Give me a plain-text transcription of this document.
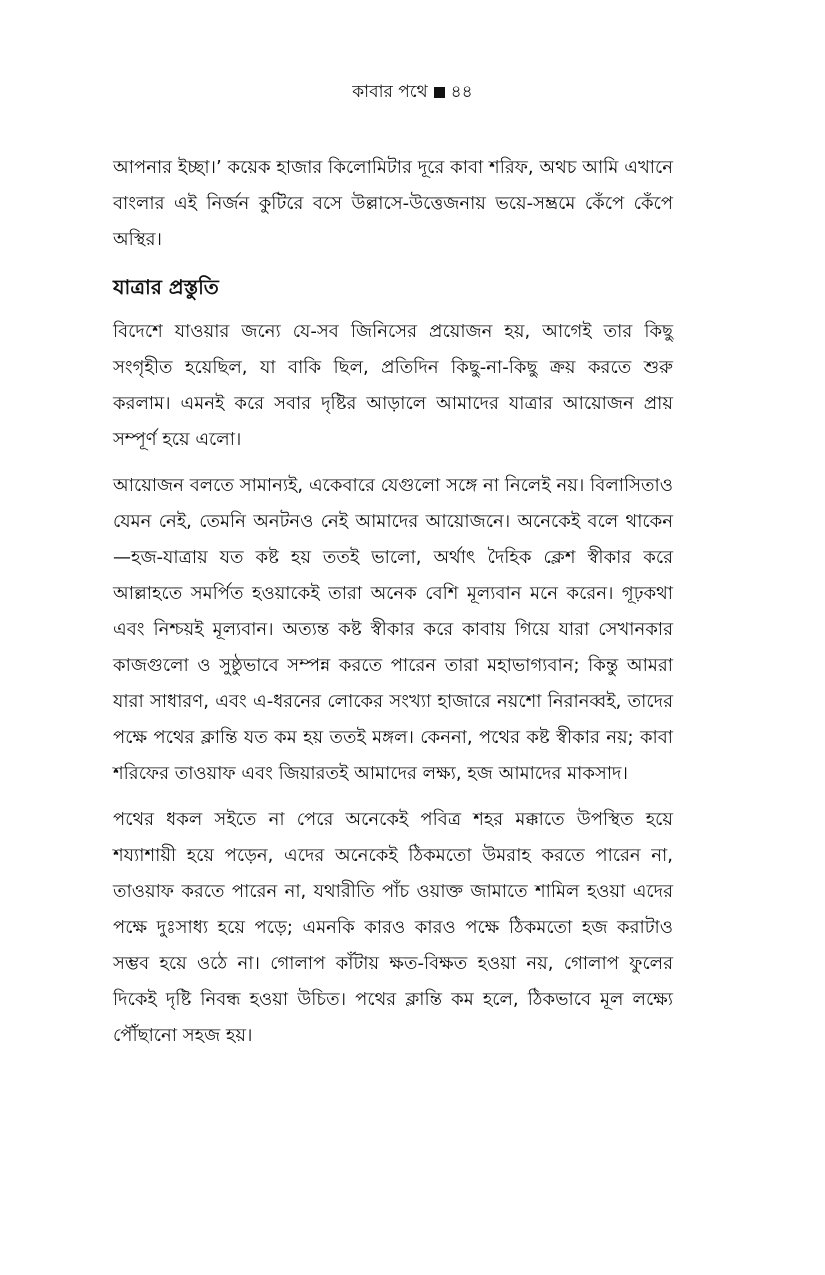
কাবার পথে ৪৪

আপনার ইচ্ছা।’ কয়েক হাজার কিলোমিটার দূরে কাবা শরিফ, অথচ আমি এখানে বাংলার এই নির্জন কুটিরে বসে উল্লাসে-উত্তেজনায় ভয়ে-সম্ভ্রমে কেঁপে কেঁপে অস্থির।

যাত্রার প্রস্তুতি

বিদেশে যাওয়ার জন্যে যে-সব জিনিসের প্রয়োজন হয়, আগেই তার কিছু সংগৃহীত হয়েছিল, যা বাকি ছিল, প্রতিদিন কিছু-না-কিছু ক্রয় করতে শুরু করলাম। এমনই করে সবার দৃষ্টির আড়ালে আমাদের যাত্রার আয়োজন প্রায় সম্পূর্ণ হয়ে এলো।

আয়োজন বলতে সামান্যই, একেবারে যেগুলো সঙ্গে না নিলেই নয়। বিলাসিতাও যেমন নেই, তেমনি অনটনও নেই আমাদের আয়োজনে। অনেকেই বলে থাকেন—হজ-যাত্রায় যত কষ্ট হয় ততই ভালো, অর্থাৎ দৈহিক ক্লেশ স্বীকার করে আল্লাহতে সমর্পিত হওয়াকেই তারা অনেক বেশি মূল্যবান মনে করেন। গূঢ়কথা এবং নিশ্চয়ই মূল্যবান। অত্যন্ত কষ্ট স্বীকার করে কাবায় গিয়ে যারা সেখানকার কাজগুলো ও সুষ্ঠুভাবে সম্পন্ন করতে পারেন তারা মহাভাগ্যবান; কিন্তু আমরা যারা সাধারণ, এবং এ-ধরনের লোকের সংখ্যা হাজারে নয়শো নিরানব্বই, তাদের পক্ষে পথের ক্লান্তি যত কম হয় ততই মঙ্গল। কেননা, পথের কষ্ট স্বীকার নয়; কাবা শরিফের তাওয়াফ এবং জিয়ারতই আমাদের লক্ষ্য, হজ আমাদের মাকসাদ।

পথের ধকল সইতে না পেরে অনেকেই পবিত্র শহর মক্কাতে উপস্থিত হয়ে শয্যাশায়ী হয়ে পড়েন, এদের অনেকেই ঠিকমতো উমরাহ করতে পারেন না, তাওয়াফ করতে পারেন না, যথারীতি পাঁচ ওয়াক্ত জামাতে শামিল হওয়া এদের পক্ষে দুঃসাধ্য হয়ে পড়ে; এমনকি কারও কারও পক্ষে ঠিকমতো হজ করাটাও সম্ভব হয়ে ওঠে না। গোলাপ কাঁটায় ক্ষত-বিক্ষত হওয়া নয়, গোলাপ ফুলের দিকেই দৃষ্টি নিবন্ধ হওয়া উচিত। পথের ক্লান্তি কম হলে, ঠিকভাবে মূল লক্ষ্যে পৌঁছানো সহজ হয়।
